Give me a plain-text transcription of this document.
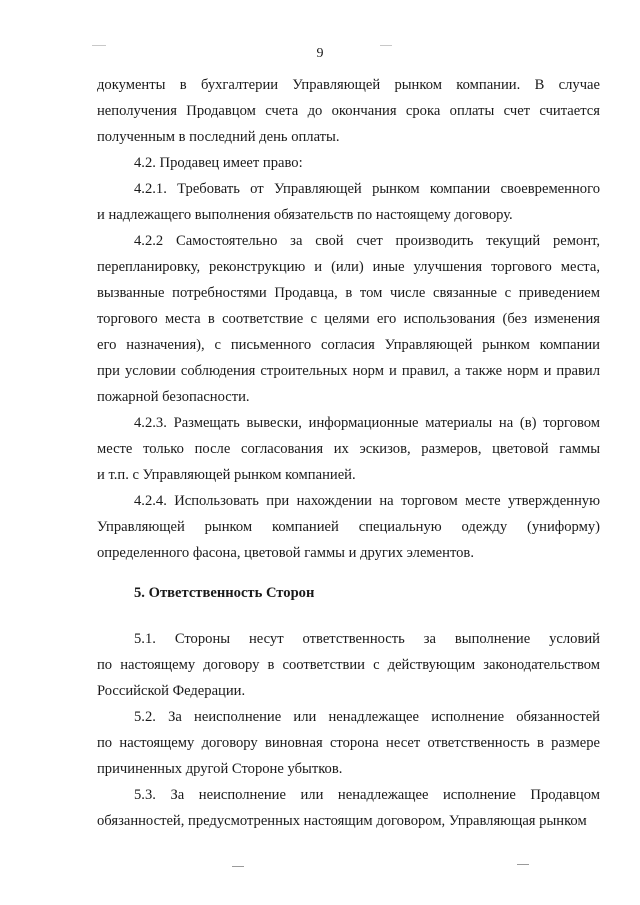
9
документы в бухгалтерии Управляющей рынком компании. В случае
неполучения Продавцом счета до окончания срока оплаты счет считается
полученным в последний день оплаты.
4.2. Продавец имеет право:
4.2.1. Требовать от Управляющей рынком компании своевременного
и надлежащего выполнения обязательств по настоящему договору.
4.2.2 Самостоятельно за свой счет производить текущий ремонт,
перепланировку, реконструкцию и (или) иные улучшения торгового места,
вызванные потребностями Продавца, в том числе связанные с приведением
торгового места в соответствие с целями его использования (без изменения
его назначения), с письменного согласия Управляющей рынком компании
при условии соблюдения строительных норм и правил, а также норм и правил
пожарной безопасности.
4.2.3. Размещать вывески, информационные материалы на (в) торговом
месте только после согласования их эскизов, размеров, цветовой гаммы
и т.п. с Управляющей рынком компанией.
4.2.4. Использовать при нахождении на торговом месте утвержденную
Управляющей рынком компанией специальную одежду (униформу)
определенного фасона, цветовой гаммы и других элементов.
5. Ответственность Сторон
5.1. Стороны несут ответственность за выполнение условий
по настоящему договору в соответствии с действующим законодательством
Российской Федерации.
5.2. За неисполнение или ненадлежащее исполнение обязанностей
по настоящему договору виновная сторона несет ответственность в размере
причиненных другой Стороне убытков.
5.3. За неисполнение или ненадлежащее исполнение Продавцом
обязанностей, предусмотренных настоящим договором, Управляющая рынком
